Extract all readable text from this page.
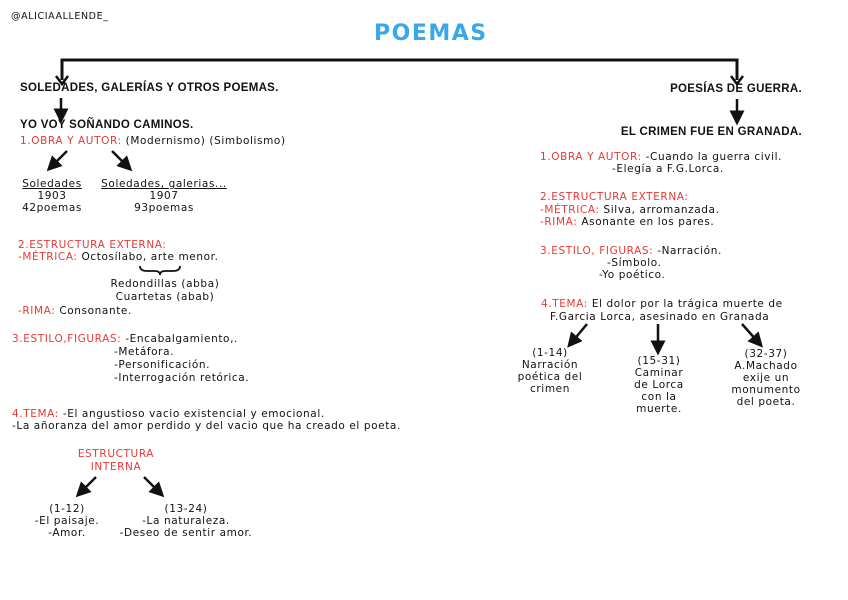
@ALICIAALLENDE_
POEMAS
SOLEDADES, GALERÍAS Y OTROS POEMAS.
YO VOY SOÑANDO CAMINOS.
1.OBRA Y AUTOR: (Modernismo) (Simbolismo)
Soledades
1903
42poemas
Soledades, galerias...
1907
93poemas
2.ESTRUCTURA EXTERNA:
-MÉTRICA: Octosílabo, arte menor.
Redondillas (abba)
Cuartetas (abab)
-RIMA: Consonante.
3.ESTILO,FIGURAS: -Encabalgamiento,.
-Metáfora.
-Personificación.
-Interrogación retórica.
4.TEMA: -El angustioso vacio existencial y emocional.
-La añoranza del amor perdido y del vacio que ha creado el poeta.
ESTRUCTURA
INTERNA
(1-12)
-El paisaje.
-Amor.
(13-24)
-La naturaleza.
-Deseo de sentir amor.
POESÍAS DE GUERRA.
EL CRIMEN FUE EN GRANADA.
1.OBRA Y AUTOR: -Cuando la guerra civil.
-Elegía a F.G.Lorca.
2.ESTRUCTURA EXTERNA:
-MÉTRICA: Silva, arromanzada.
-RIMA: Asonante en los pares.
3.ESTILO, FIGURAS: -Narración.
-Símbolo.
-Yo poético.
4.TEMA: El dolor por la trágica muerte de
F.Garcia Lorca, asesinado en Granada
(1-14)
Narración
poética del
crimen
(15-31)
Caminar
de Lorca
con la
muerte.
(32-37)
A.Machado
exije un
monumento
del poeta.
